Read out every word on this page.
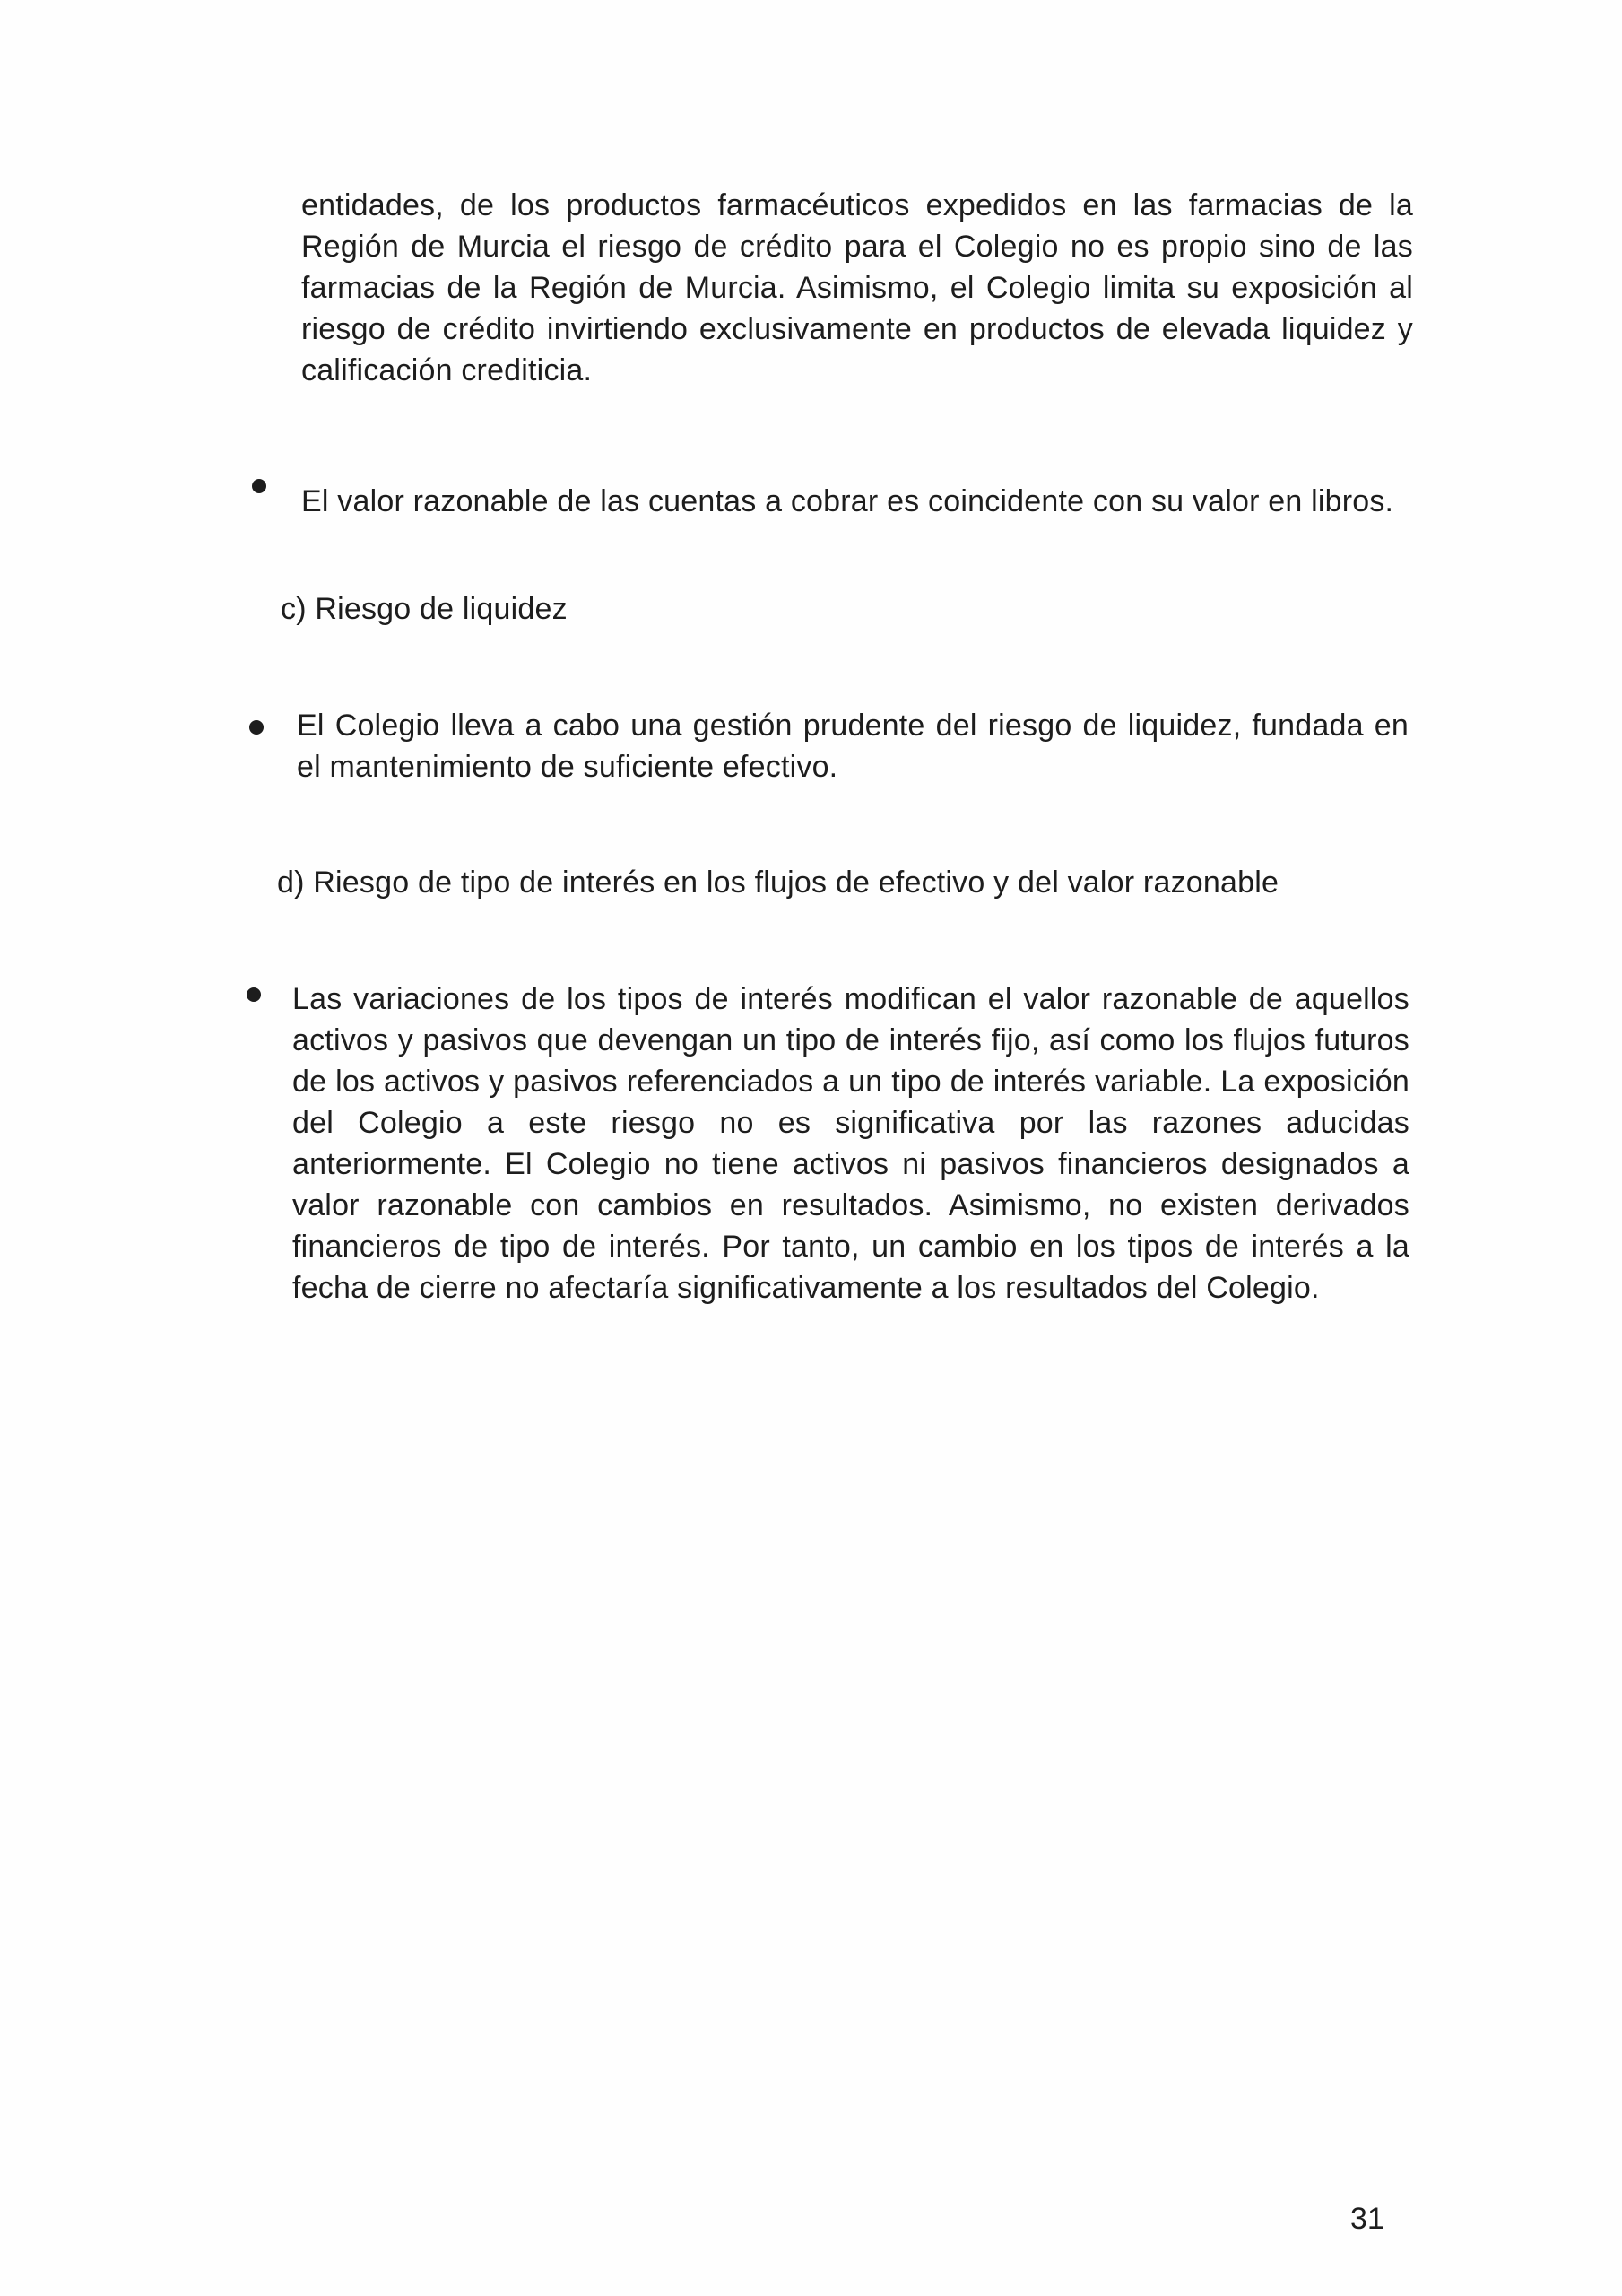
entidades, de los productos farmacéuticos expedidos en las farmacias de la Región de Murcia el riesgo de crédito para el Colegio no es propio sino de las farmacias de la Región de Murcia. Asimismo, el Colegio limita su exposición al riesgo de crédito invirtiendo exclusivamente en productos de elevada liquidez y calificación crediticia.
El valor razonable de las cuentas a cobrar es coincidente con su valor en libros.
c) Riesgo de liquidez
El Colegio lleva a cabo una gestión prudente del riesgo de liquidez, fundada en el mantenimiento de suficiente efectivo.
d) Riesgo de tipo de interés en los flujos de efectivo y del valor razonable
Las variaciones de los tipos de interés modifican el valor razonable de aquellos activos y pasivos que devengan un tipo de interés fijo, así como los flujos futuros de los activos y pasivos referenciados a un tipo de interés variable. La exposición del Colegio a este riesgo no es significativa por las razones aducidas anteriormente. El Colegio no tiene activos ni pasivos financieros designados a valor razonable con cambios en resultados. Asimismo, no existen derivados financieros de tipo de interés. Por tanto, un cambio en los tipos de interés a la fecha de cierre no afectaría significativamente a los resultados del Colegio.
31
